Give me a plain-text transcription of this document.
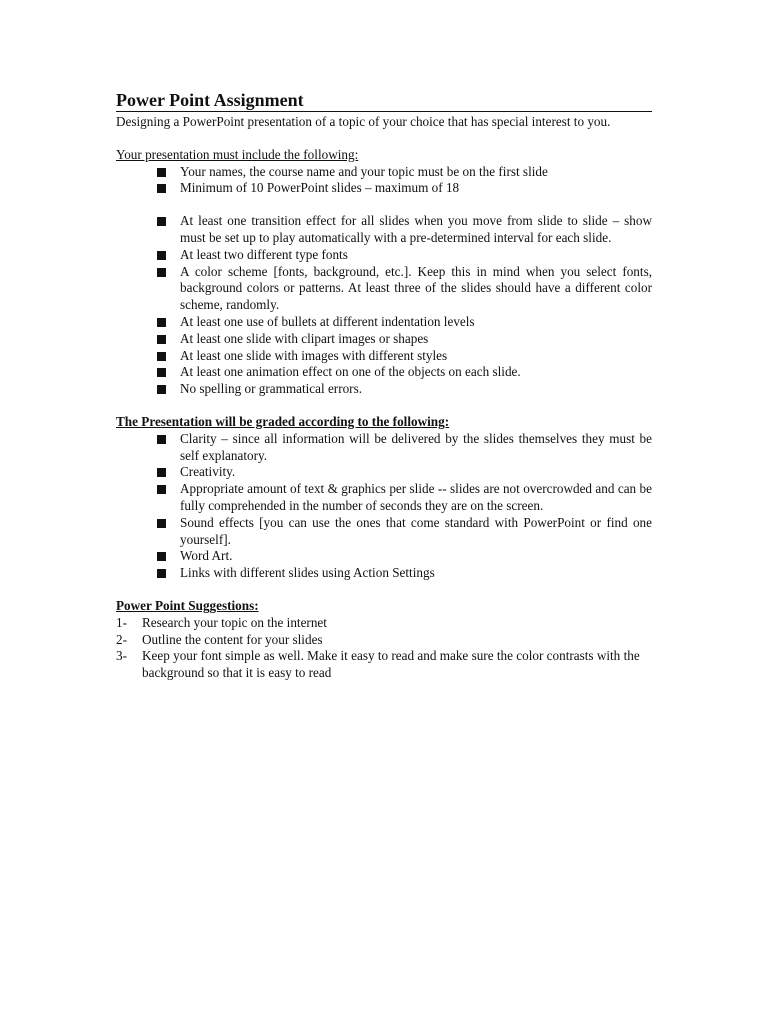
Power Point Assignment

Designing a PowerPoint presentation of a topic of your choice that has special interest to you.

Your presentation must include the following:

Your names, the course name and your topic must be on the first slide
Minimum of 10 PowerPoint slides – maximum of 18
At least one transition effect for all slides when you move from slide to slide – show must be set up to play automatically with a pre-determined interval for each slide.
At least two different type fonts
A color scheme [fonts, background, etc.]. Keep this in mind when you select fonts, background colors or patterns. At least three of the slides should have a different color scheme, randomly.
At least one use of bullets at different indentation levels
At least one slide with clipart images or shapes
At least one slide with images with different styles
At least one animation effect on one of the objects on each slide.
No spelling or grammatical errors.

The Presentation will be graded according to the following:

Clarity – since all information will be delivered by the slides themselves they must be self explanatory.
Creativity.
Appropriate amount of text & graphics per slide -- slides are not overcrowded and can be fully comprehended in the number of seconds they are on the screen.
Sound effects [you can use the ones that come standard with PowerPoint or find one yourself].
Word Art.
Links with different slides using Action Settings

Power Point Suggestions:

1- Research your topic on the internet
2- Outline the content for your slides
3- Keep your font simple as well. Make it easy to read and make sure the color contrasts with the background so that it is easy to read
